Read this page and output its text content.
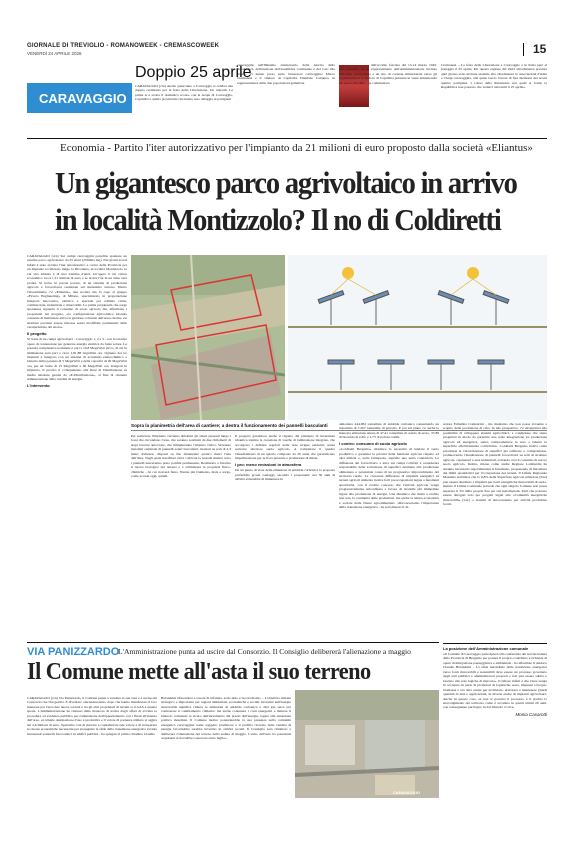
GIORNALE DI TREVIGLIO - ROMANOWEEK - CREMASCOWEEK
VENERDÌ 24 APRILE 2026	15
CARAVAGGIO
Doppio 25 aprile
CARAVAGGIO (crn) Anche quest'anno a Caravaggio si celebra una doppia cerimonia per la festa della Liberazione. Un unicum. La prima si è svolta il domenica scorsa, con le Acqui di Caravaggio, Caprialba e quella provinciale che hanno reso omaggio ai partigiani
caravaggini nell'80esimo anniversario della nascita della Repubblica, dell'elezione dell'assemblea costituente e del voto alle donne. Vi hanno preso parte l'assessore caravaggino Marco Cremonesi e il sindaco di Caprialba Damiano Cattaneo, in rappresentanza delle due popolazioni gemellate
dall'eccidio fascista del 13-14 marzo 1945. «La presenza di un rappresentante dell'Amministrazione invitata dall'Anpi caravaggina e un atto di cortesia istituzionale verso gli organizzatori e il sindaco di Caprialba presente in veste istituzionale sul suolo cittadino - ha commentato
Cremonesi -. La festa della Liberazione a Caravaggio e in Italia però si festeggia il 25 aprile. Per questa ragione dal 2023 all'ordinanza prevista quel giorno sono invitate assieme alla cittadinanza le associazioni d'arma e l'Anpi caravaggina, alla quale lascio l'onore di fare memoria dei nostri quattro partigiani. I valori della Resistenza son quali si fonda la Repubblica non possono che vederci tutti uniti il 25 aprile».
Economia - Partito l'iter autorizzativo per l'impianto da 21 milioni di euro proposto dalla società «Eliantus»
Un gigantesco parco agrivoltaico in arrivo
in località Montizzolo? Il no di Coldiretti

CARAVAGGIO (crn) Sui campi caravaggini potrebbe spuntare un enorme parco agrivoltaico da 25 ettari (250mila mq). Nel giorni scorsi infatti è stato avviato l'iter autorizzativo a carico della Provincia per un impianto localizzato lungo la Rivoltana, in località Montizzolo, la cui vita stimata è di una trentina d'anni. Un'opera il cui valore economico tocca i 21 milioni di euro e se arriva l'ok in un anno sarà pronta. Si tratta, in parole povere, di un sistema di produzione agricola e fotovoltaica realizzate sul medesimo terreno. Dietro l'investimento c'è «Eliantus», una società che fa capo al gruppo «Favero Engineering» di Milano, specializzato in progettazione integrata meccanica, elettrica e speciale per edilizia civile, commerciale, industriale e rinnovabili. La prima perplessità che sorge spontanea riguarda il consumo di suolo agricolo ma, affermano i proponenti nel progetto, «la configurazione agrivoltaica adottata consente di mantenere attiva la gestione colturale dell'area» inoltre «le strutture poranno essere rimosse senza modifiche permanenti delle caratteristiche del suolo».

Il progetto

Si tratta di tre campi agrivoltaici - Caravaggio 1, 2 e 3 - con le relative opere di connessione per generare energia elettrica da fonte solare. La potenza complessiva nominale è pari a 19,8 MegaWatt picco, di cui in immissione sarà pari a circa 1,81,88 GigaWatt ora. Ognuno dei tre impianti è integrato con un sistema di accumulo elettrochimico a batteria dalla potenza di 5 MegaWatt e della capacità di 20 MegaWatt ora, per un totale di 15 MegaWatt e 60 MegaWatt ora. Integrati in impianto. Il preciso il collegamento alla Rete di Distribuzione in media tensione gestita da «E-Distribuzione», al fine di ottenere remunerazione della vendita di energia.

L'intervento
Sopra la planimetria dell'area di cantiere; a destra il funzionamento dei pannelli basculanti
Per realizzare l'impianto verranno abbattuti gli alberi presenti lungo i fossi che circondano l'area, che saranno sostituiti da due chilometri di siepi boscate autoctone, che mitigheranno l'impatto visivo. Verranno installati centinaia di pannelli solari basculanti, montati su pali di 2,3 metri d'altezza, disposti su file distanziate quattro metri l'una dall'altra. Negli spazi interfilari verrà coltivata la lessada mentre sotto i pannelli nasceranno prato polifita permanente. Realizzato a favorire il riposo biologico del terreno e a ottimizzare le proprietà fisico-chimiche - da cui ricaverà fieno. Niente più frumento, mais e sorgo, come accade oggi, quindi.

Il progetto garantisce anche il rispetto del principio di invarianza idraulica tramite la creazione di vasche di laminazione integrate, che accolgono i deflussi regolari nelle aree irrigue esistenti, senza sottrarre ulteriore suolo agricolo. A completare il quadro l'insediamento di un apiario composto da 26 arnie che garantiscano impollinazione per la flora presente e produzione di miele.

I pro: meno emissioni in atmosfera

Da un punto di vista delle emissioni di anidride carbonica la proposta preferibile grossi vantaggi, secondo i proponenti: nei 30 anni di attività eviterebbe di immettere in

atmosfera 444.062 tonnellate di anidride carbonica consentendo un risparmio di 7.267 tonnellate di petrolio. E poi sul piano c'è anche la mancata emissione annua di 47,41 tonnellate di ossido di azoto, 37,89 di biossido di zolfo e 1,75 di polveri sottili.

I contro: consumo di suolo agricolo

«Coldiretti Bergamo» ribadisce la necessità di tutelare il suolo produttivo e garantire la priorità della funzione agricola rispetto ad altri utilizzi e, nella fattispecie, esprime una netta contrarietà. La diffusione del fotovoltaico a terra sui campi coltivati è considerata responsabile della sottrazione di superfici destinate alla produzione alimentare e potenziale causa di un progressivo impoverimento del territorio rurale. La crescente diffusione di impianti energetici su terreni agricoli alimenta inoltre forti preoccupazioni legate a fenomeni speculativi, con il rischio concreto che l'attività agricola venga progressivamente subordinata a favore di modelle più immediate legate alla produzione di energia. Una dinamica che mette a rischio non solo la continuità delle produzioni, ma anche la tenuta economica e sociale delle filiere agroalimentari. «Riconosciamo l'importanza della transizione energetica - ha sottolineato il di-

rettore Ermelina Comencini - ma riteniamo che non possa avvenire a scapito della produzione di cibo. In tale prospettiva, c'è un'apertura alla possibilità di sviluppare sistemi agrivoltaici, a condizione che siano progettati in modo da garantire una reale integrazione tra produzione agricola ed energetica, senza compromettere la resa o ridurre la superficie effettivamente coltivabile». Coldiretti Bergamo indica come prioritaria la valorizzazione di superfici già edificate o compromesse, promuovendo l'installazione di pannelli fotovoltaici su tetti di strutture agricole, capannoni e aree industriali, evitando così il consumo di nuovo suolo agricolo. Inoltre, ritiene come anche Regione Lombardia ha ritenuto necessario regolamentare il fenomeno, proponendo di introdurre dei limiti quantitativi per l'occupazione dei terreni. Il Limite Regionale Massimo stabilisce che lo 0,8% della Superficie agricola utilizzata (Sau) può essere destinato a impianti per fonti energetiche rinnovabili di suolo, mentre il Limite Comunale prevede che ogni singolo Comune non possa superare il 3% della propria Sau per tali installazioni. Tutti che possono essere derogati solo per progetti legati alle «Comunità energetiche rinnovabili» (Cer) o sistemi di autoconsumo per attività produttive locali.
VIA PANIZZARDO
L'Amministrazione punta ad uscire dal Consorzio. Il Consiglio delibererà l'alienazione a maggio
Il Comune mette all'asta il suo terreno
CARAVAGGIO (crn) Via Panizzardo, il Comune punta a vendere la sua area e a uscire dal Consorzio che l'ha gestita. E diventato «incandescente» dopo che hanno manifestato il loro interesse per l'area due nuove società e tra gli altri proprietari di terreni si il GAS è quanto spetta. L'Amministrazione ha ritenuto dalle manovre di uscire dagli affari di avviare la procedura ad evidenza pubblica per l'alienazione dell'appezzamento con i finali all'interno dell'area. «L'attuale destinazione d'uso è produttiva e il valore di partenza stimato si aggira sui 2,6 milioni di euro. Speriamo così di riuscire a capitalizzare tale valore e di recuperare le risorse economiche necessarie per proseguire la sfida della transizione energetica avviata investendo pannelli fotovoltaici su edifici pubblici - ha spiegato il primo cittadino Claudio
Bolandrini riferendosi a scuole di infanzia, asilo nido e bocciodromo -. L'obiettivo rimane strategico e importante per ragioni ambientali, economiche e sociali. Investire sull'energia rinnovabile significa ridurre le emissioni di anidride carbonica e altri gas serra per contrastare il cambiamento climatico ma anche contenere i costi energetici e mettere il bilancio comunale al sicuro dall'incremento dei prezzi dell'energia, legata alla situazione politica mondiale. Il Comune inoltre potenzierebbe la sua presenza nella comunità energetica caravaggina come soggetto produttore e il profitto ricavato dalla vendita di energie favorirebbe sarebbe investito in attività sociali. Il Consiglio sarà chiamato a deliberare l'alienazione del terreno nella seduta di maggio. L'esito dell'asta tra potenziali acquirenti si dovrebbe conoscere entro luglio».
CARAVAGGIO
La posizione dell'Amministrazione comunale
«Il Comune di Caravaggio partecipierà alla conferenza dei servizi indetta dalla Provincia di Bergamo per portare il proprio contributo e richieste di opere di mitigazione paesaggistica e ambientale - ha affermato il sindaco Claudio Bolandrini - La sfida inevitabile della transizione energetica verso fonti rinnovabili e sostenibili deve essere un processo governato dagli enti pubblici e amministratori preposti e non può essere subito e lasciato alle sole logiche di mercato». Il timore infatti è che l'area venga in occupata da parte di promotori di logistiche, serre, impianti a biogas-biomassa e ora data center per archiviare, elaborare e mantenere grandi quantità di dati e applicazioni, in diversi anche di impianti agrivoltaici. Anche in questo caso, se non si governa il processo, è il rischio la stravolgimento del territorio come è accaduto in questi ultimi 20 anni, con conseguenze purtroppo in dal bilancia ci vive.
Monia Casarotti
